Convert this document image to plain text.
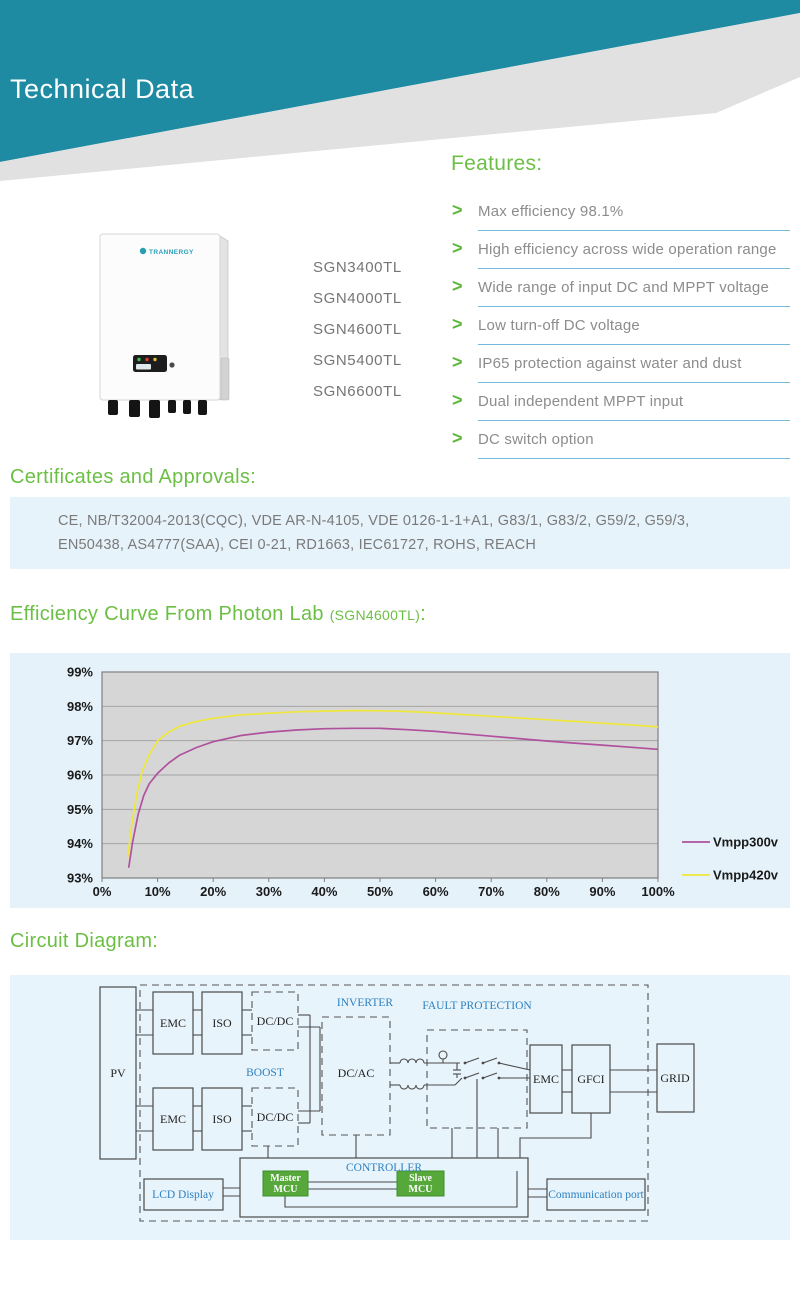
Technical Data
TRANNERGY
SGN3400TL
SGN4000TL
SGN4600TL
SGN5400TL
SGN6600TL
Features:
> Max efficiency 98.1%
> High efficiency across wide operation range
> Wide range of input DC and MPPT voltage
> Low turn-off DC voltage
> IP65 protection against water and dust
> Dual independent MPPT input
> DC switch option
Certificates and Approvals:
CE, NB/T32004-2013(CQC), VDE AR-N-4105, VDE 0126-1-1+A1, G83/1, G83/2, G59/2, G59/3,
EN50438, AS4777(SAA), CEI 0-21, RD1663, IEC61727, ROHS, REACH
Efficiency Curve From Photon Lab (SGN4600TL):
93%
94%
95%
96%
97%
98%
99%
0%	10% 20% 30% 40% 50% 60% 70% 80% 90% 100%
Vmpp300v
Vmpp420v
Circuit Diagram:
PV
EMC ISO DC/DC
EMC ISO DC/DC
BOOST
INVERTER
DC/AC
FAULT PROTECTION
EMC GFCI	GRID
CONTROLLER
Master
MCU
Slave
MCU
LCD Display	Communication port
